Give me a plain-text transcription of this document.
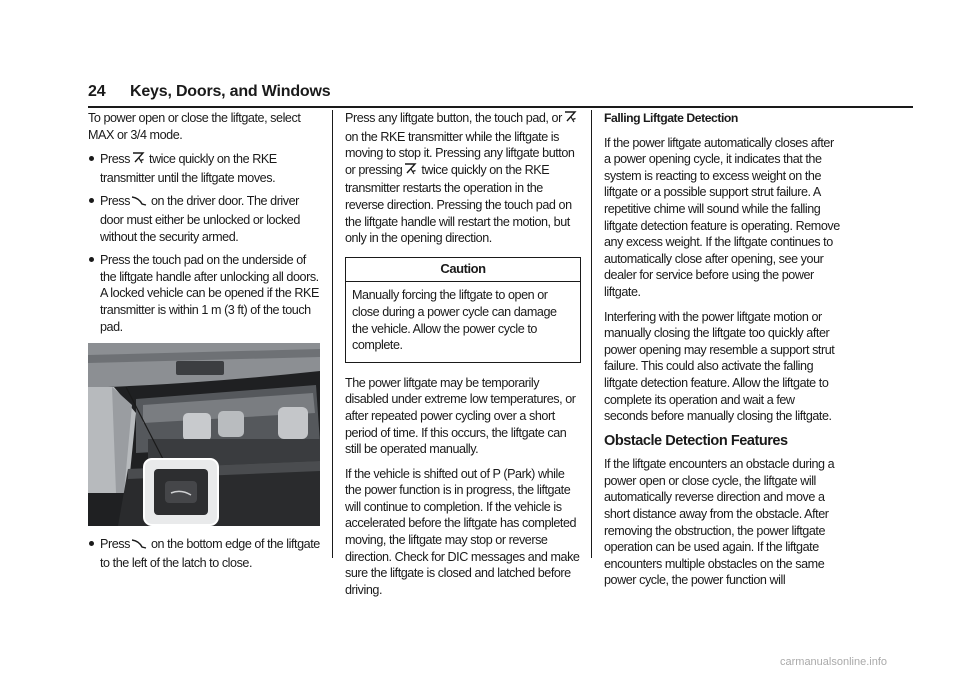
24 Keys, Doors, and Windows

To power open or close the liftgate, select MAX or 3/4 mode.

Press twice quickly on the RKE transmitter until the liftgate moves.
Press on the driver door. The driver door must either be unlocked or locked without the security armed.
Press the touch pad on the underside of the liftgate handle after unlocking all doors. A locked vehicle can be opened if the RKE transmitter is within 1 m (3 ft) of the touch pad.
Press on the bottom edge of the liftgate to the left of the latch to close.

Press any liftgate button, the touch pad, oron the RKE transmitter while the liftgate is moving to stop it. Pressing any liftgate button or pressing twice quickly on the RKE transmitter restarts the operation in the reverse direction. Pressing the touch pad on the liftgate handle will restart the motion, but only in the opening direction.

Caution
Manually forcing the liftgate to open or close during a power cycle can damage the vehicle. Allow the power cycle to complete.

The power liftgate may be temporarily disabled under extreme low temperatures, or after repeated power cycling over a short period of time. If this occurs, the liftgate can still be operated manually.

If the vehicle is shifted out of P (Park) while the power function is in progress, the liftgate will continue to completion. If the vehicle is accelerated before the liftgate has completed moving, the liftgate may stop or reverse direction. Check for DIC messages and make sure the liftgate is closed and latched before driving.

Falling Liftgate Detection

If the power liftgate automatically closes after a power opening cycle, it indicates that the system is reacting to excess weight on the liftgate or a possible support strut failure. A repetitive chime will sound while the falling liftgate detection feature is operating. Remove any excess weight. If the liftgate continues to automatically close after opening, see your dealer for service before using the power liftgate.

Interfering with the power liftgate motion or manually closing the liftgate too quickly after power opening may resemble a support strut failure. This could also activate the falling liftgate detection feature. Allow the liftgate to complete its operation and wait a few seconds before manually closing the liftgate.

Obstacle Detection Features

If the liftgate encounters an obstacle during a power open or close cycle, the liftgate will automatically reverse direction and move a short distance away from the obstacle. After removing the obstruction, the power liftgate operation can be used again. If the liftgate encounters multiple obstacles on the same power cycle, the power function will

carmanualsonline.info
